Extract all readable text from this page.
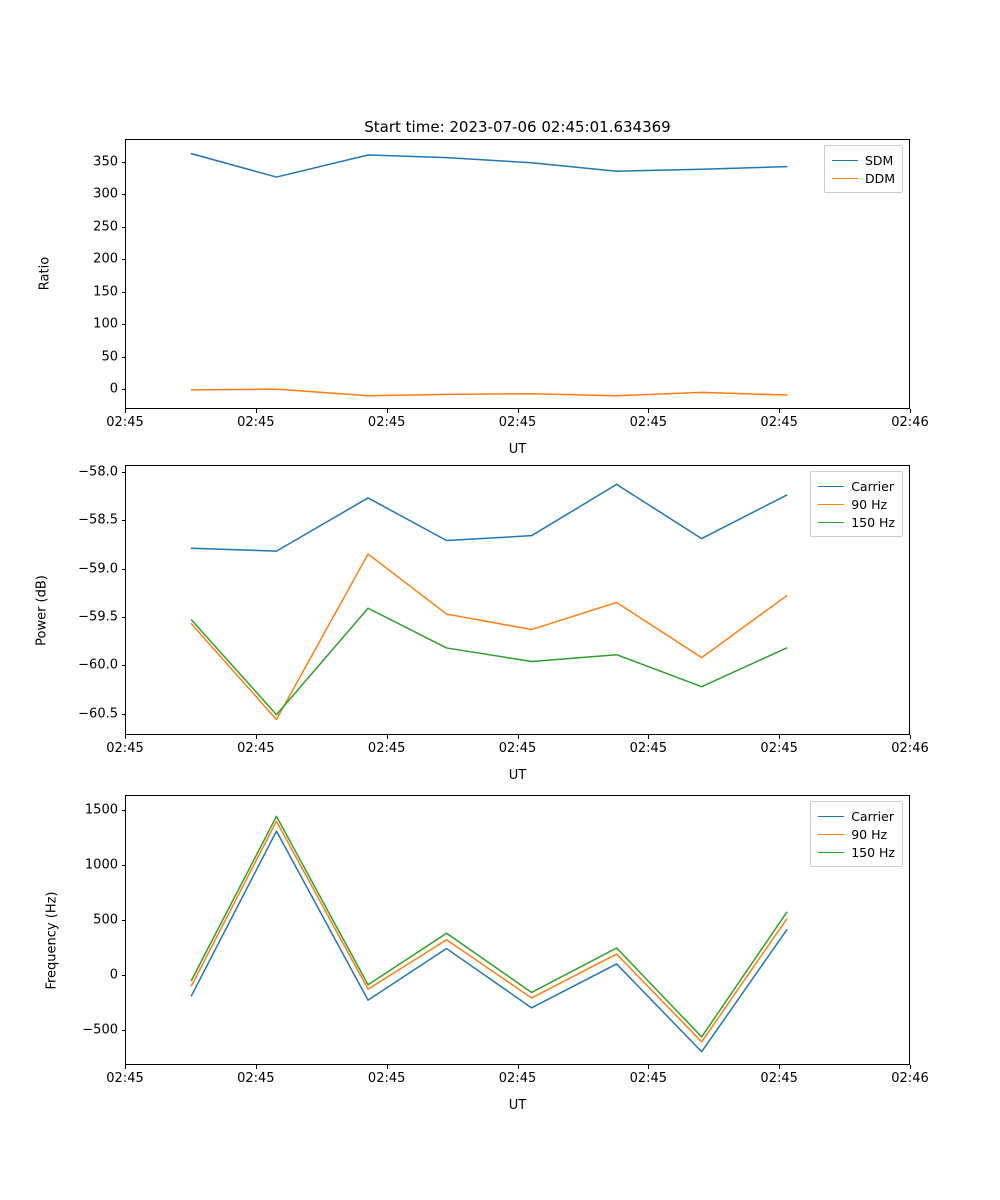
Start time: 2023-07-06 02:45:01.634369
Ratio
UT
02:45	02:45	02:45	02:45	02:45	02:45	02:46
0
50
100
150
200
250
300
350	SDM
DDM
Power (dB)
UT
02:45	02:45	02:45	02:45	02:45	02:45	02:46
−60.5
−60.0
−59.5
−59.0
−58.5
−58.0
Carrier
90 Hz
150 Hz
Frequency (Hz)
UT
02:45	02:45	02:45	02:45	02:45	02:45	02:46
−500
0
500
1000
1500	Carrier
90 Hz
150 Hz
